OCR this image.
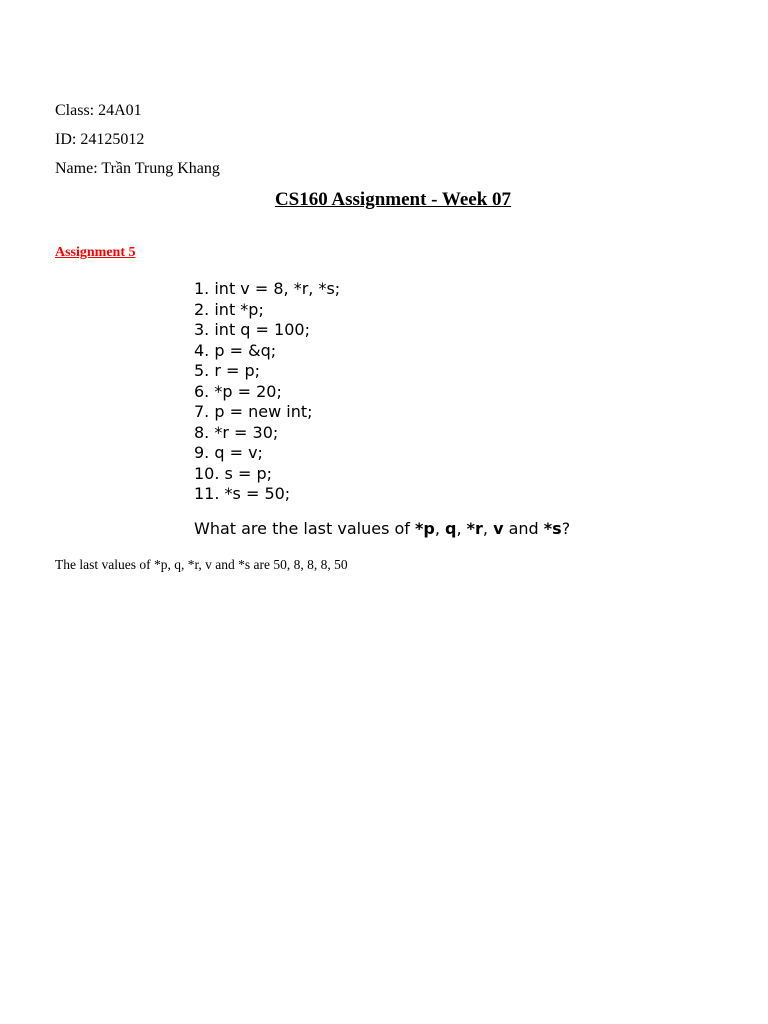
Class: 24A01
ID: 24125012
Name: Trần Trung Khang
CS160 Assignment - Week 07
Assignment 5
1. int v = 8, *r, *s;
2. int *p;
3. int q = 100;
4. p = &q;
5. r = p;
6. *p = 20;
7. p = new int;
8. *r = 30;
9. q = v;
10. s = p;
11. *s = 50;
What are the last values of *p, q, *r, v and *s?
The last values of *p, q, *r, v and *s are 50, 8, 8, 8, 50
